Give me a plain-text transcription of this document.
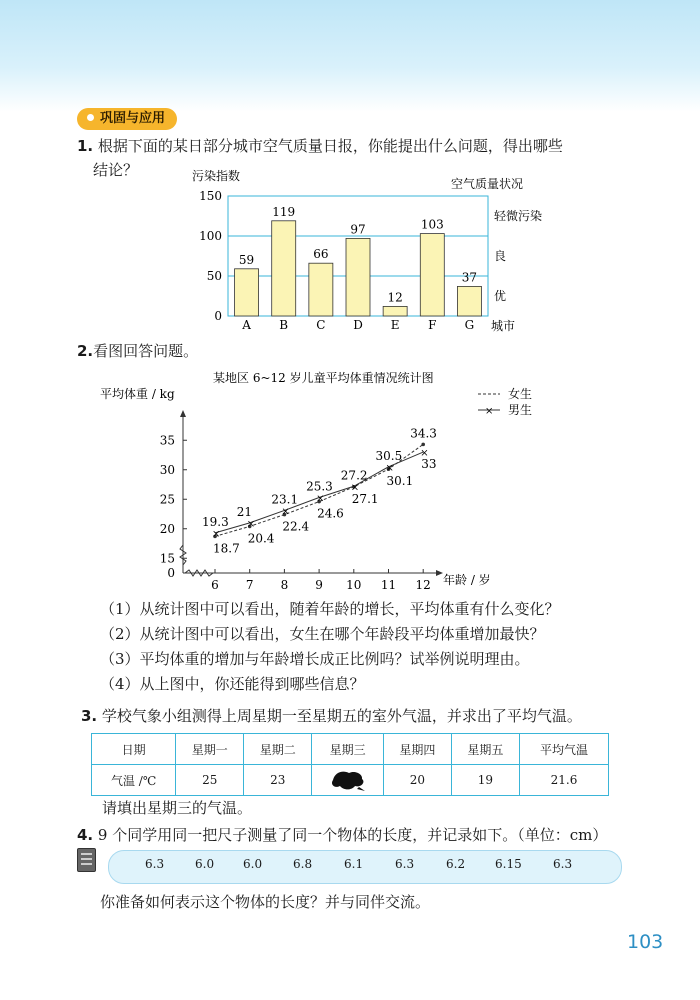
巩固与应用
1. 根据下面的某日部分城市空气质量日报，你能提出什么问题，得出哪些
结论？	污染指数
空气质量状况
城市
0
50
100
150
59
A
119
B
66
C
97
D
12
E
103
F
37
G
轻微污染
良
优
2.看图回答问题。
某地区 6~12 岁儿童平均体重情况统计图
平均体重 / kg
年龄 / 岁
女生
× 男生
×
×
×
×
×
×
×
0
15
20
25
30
35
6 7 8 9 10 11 12
19.3
18.7
21
20.4
23.1
22.4
25.3
24.6
27.2
27.1
30.5
30.1
34.3
33
（1）从统计图中可以看出，随着年龄的增长，平均体重有什么变化？
（2）从统计图中可以看出，女生在哪个年龄段平均体重增加最快？
（3）平均体重的增加与年龄增长成正比例吗？试举例说明理由。
（4）从上图中，你还能得到哪些信息？
3. 学校气象小组测得上周星期一至星期五的室外气温，并求出了平均气温。
日期	星期一	星期二	星期三	星期四	星期五	平均气温
气温 /℃	25	23		20	19	21.6
请填出星期三的气温。
4. 9 个同学用同一把尺子测量了同一个物体的长度，并记录如下。（单位：cm）
6.3	6.0 6.0	6.8	6.1	6.3	6.2 6.15	6.3
你准备如何表示这个物体的长度？并与同伴交流。
103
